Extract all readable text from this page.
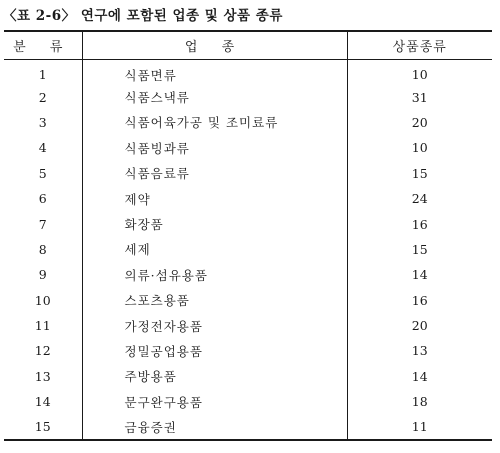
〈표 2-6〉 연구에 포함된 업종 및 상품 종류
분 류	업 종	상품종류
1	식품면류	10
2	식품스낵류	31
3	식품어육가공 및 조미료류	20
4	식품빙과류	10
5	식품음료류	15
6	제약	24
7	화장품	16
8	세제	15
9	의류·섬유용품	14
10	스포츠용품	16
11	가정전자용품	20
12	정밀공업용품	13
13	주방용품	14
14	문구완구용품	18
15	금융증권	11
